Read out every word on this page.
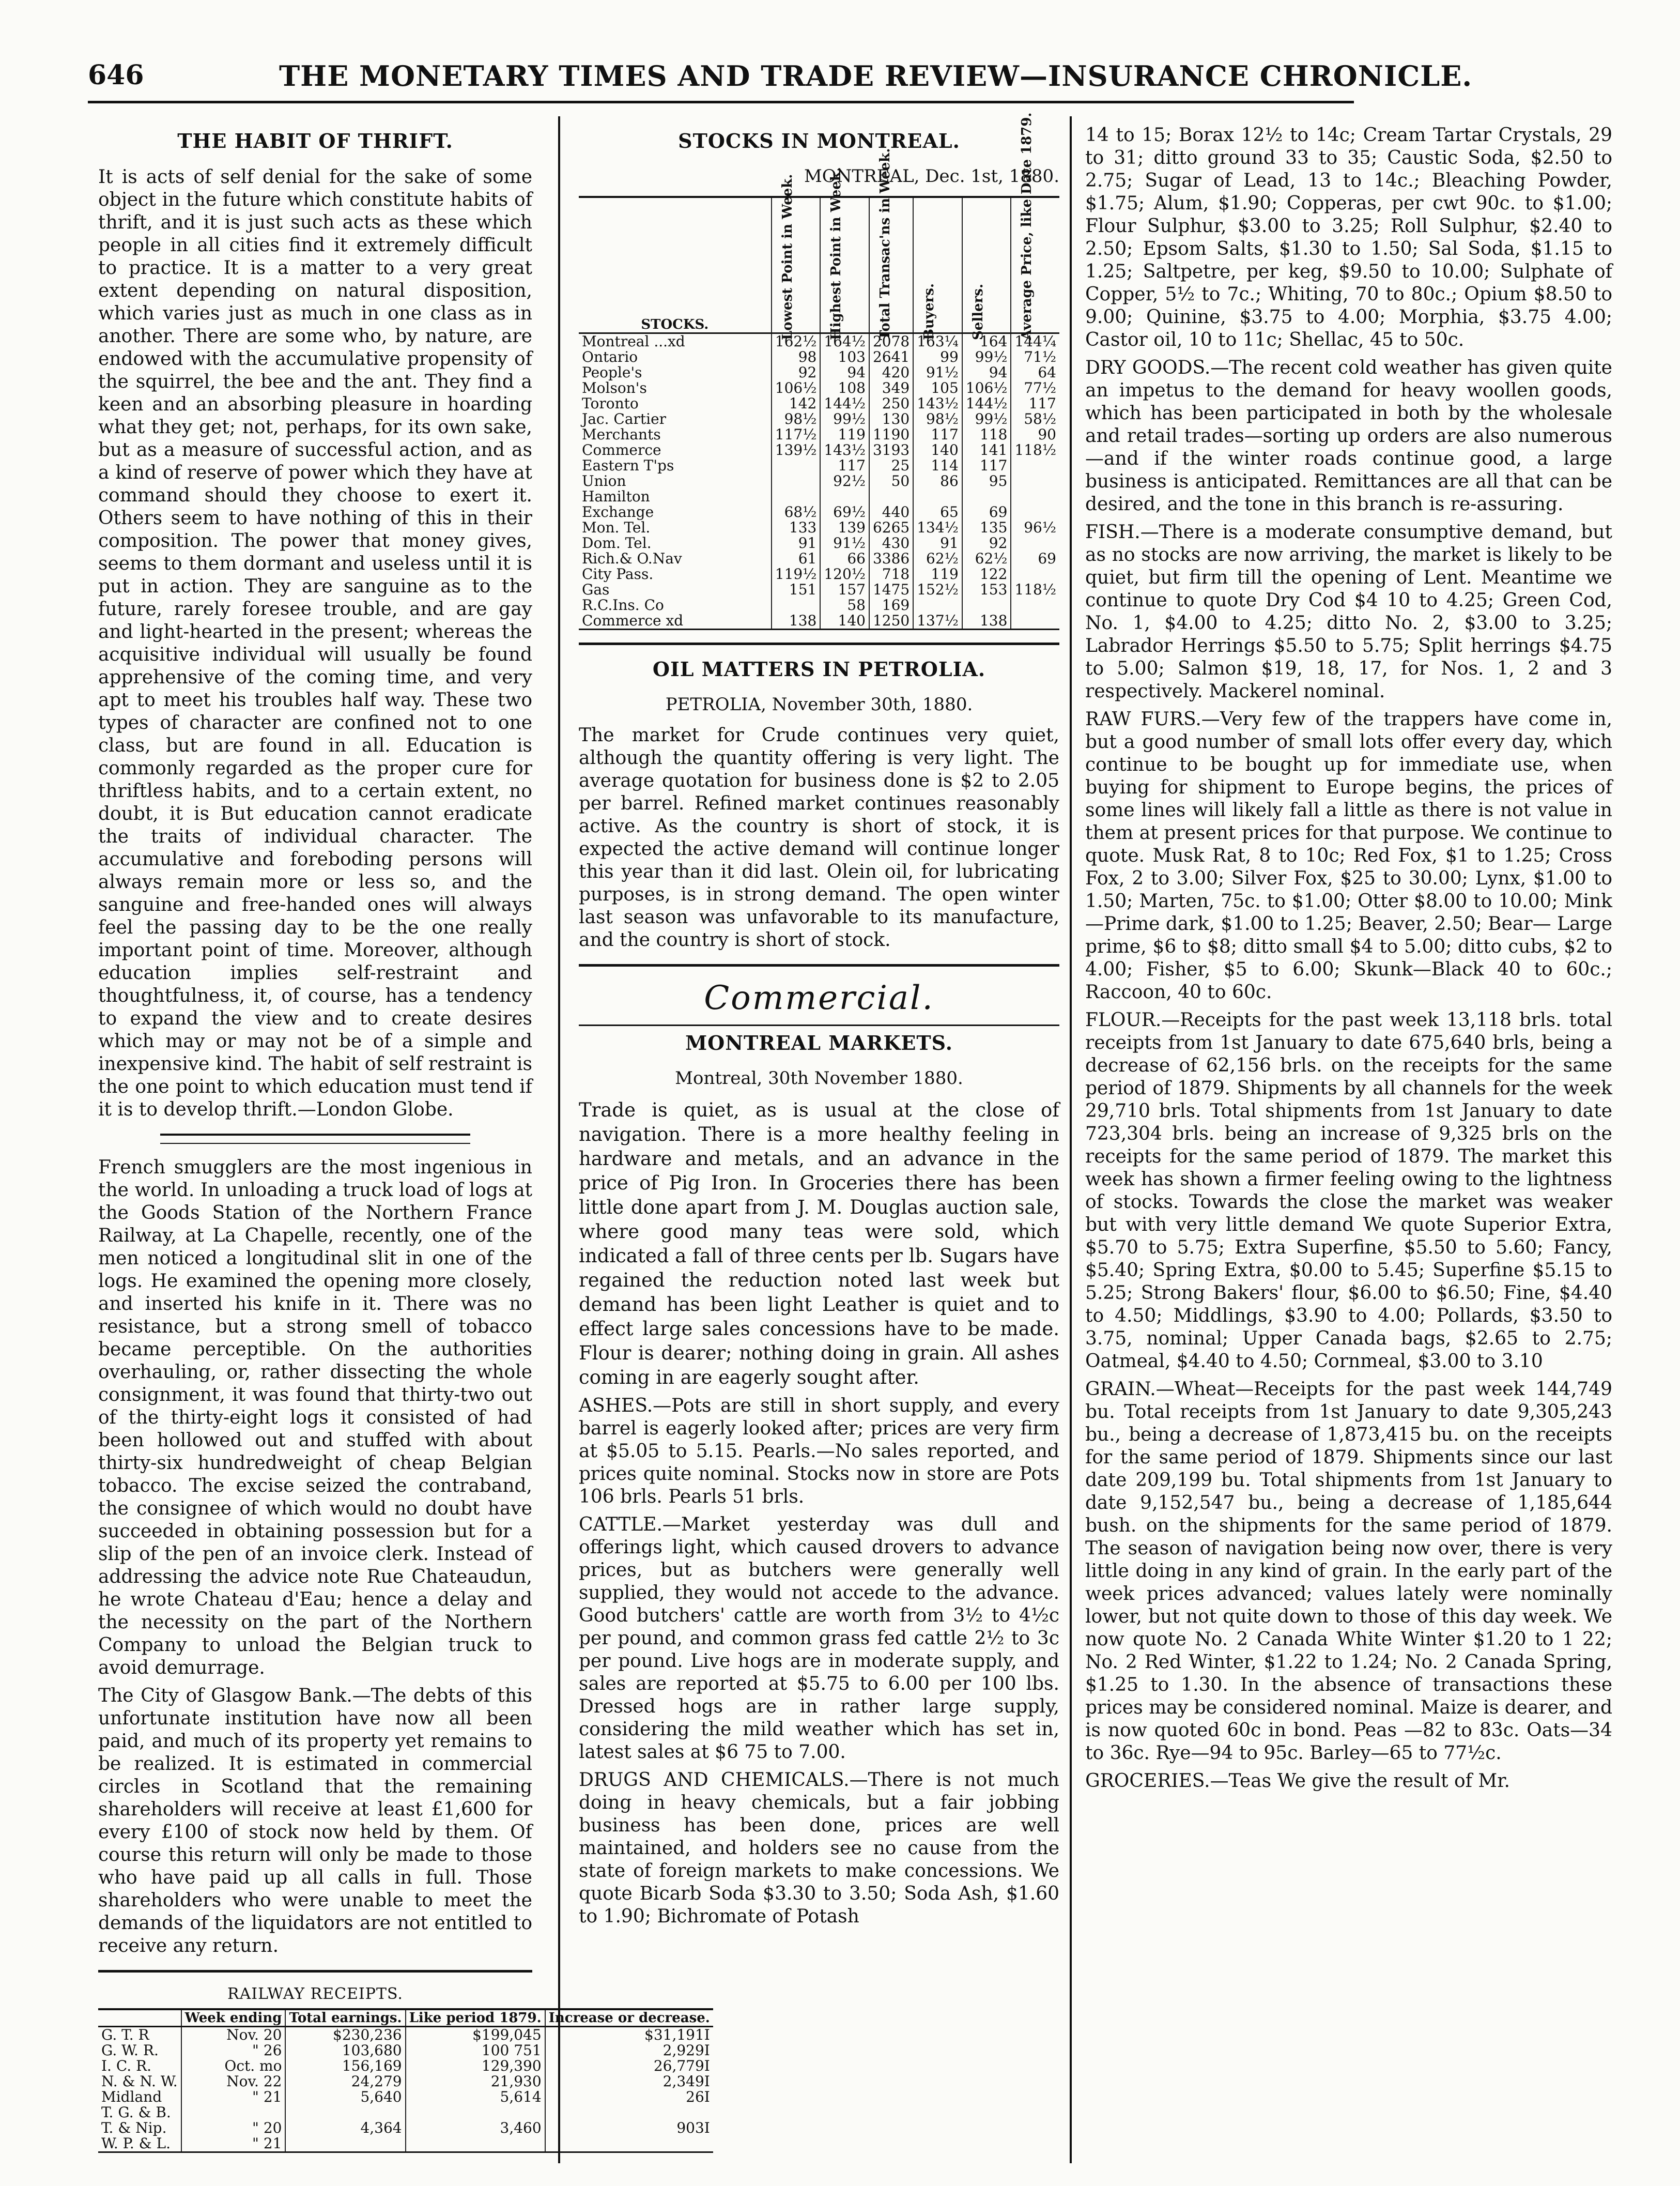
646	THE MONETARY TIMES AND TRADE REVIEW—INSURANCE CHRONICLE.
THE HABIT OF THRIFT.

It is acts of self denial for the sake of some object in the future which constitute habits of thrift, and it is just such acts as these which people in all cities find it extremely difficult to practice. It is a matter to a very great extent depending on natural disposition, which varies just as much in one class as in another. There are some who, by nature, are endowed with the accumulative propensity of the squirrel, the bee and the ant. They find a keen and an absorbing pleasure in hoarding what they get; not, perhaps, for its own sake, but as a measure of successful action, and as a kind of reserve of power which they have at command should they choose to exert it. Others seem to have nothing of this in their composition. The power that money gives, seems to them dormant and useless until it is put in action. They are sanguine as to the future, rarely foresee trouble, and are gay and light-hearted in the present; whereas the acquisitive individual will usually be found apprehensive of the coming time, and very apt to meet his troubles half way. These two types of character are confined not to one class, but are found in all. Education is commonly regarded as the proper cure for thriftless habits, and to a certain extent, no doubt, it is But education cannot eradicate the traits of individual character. The accumulative and foreboding persons will always remain more or less so, and the sanguine and free-handed ones will always feel the passing day to be the one really important point of time. Moreover, although education implies self-restraint and thoughtfulness, it, of course, has a tendency to expand the view and to create desires which may or may not be of a simple and inexpensive kind. The habit of self restraint is the one point to which education must tend if it is to develop thrift.—London Globe.

French smugglers are the most ingenious in the world. In unloading a truck load of logs at the Goods Station of the Northern France Railway, at La Chapelle, recently, one of the men noticed a longitudinal slit in one of the logs. He examined the opening more closely, and inserted his knife in it. There was no resistance, but a strong smell of tobacco became perceptible. On the authorities overhauling, or, rather dissecting the whole consignment, it was found that thirty-two out of the thirty-eight logs it consisted of had been hollowed out and stuffed with about thirty-six hundredweight of cheap Belgian tobacco. The excise seized the contraband, the consignee of which would no doubt have succeeded in obtaining possession but for a slip of the pen of an invoice clerk. Instead of addressing the advice note Rue Chateaudun, he wrote Chateau d'Eau; hence a delay and the necessity on the part of the Northern Company to unload the Belgian truck to avoid demurrage.

The City of Glasgow Bank.—The debts of this unfortunate institution have now all been paid, and much of its property yet remains to be realized. It is estimated in commercial circles in Scotland that the remaining shareholders will receive at least £1,600 for every £100 of stock now held by them. Of course this return will only be made to those who have paid up all calls in full. Those shareholders who were unable to meet the demands of the liquidators are not entitled to receive any return.

RAILWAY RECEIPTS.
	Week ending	Total earnings.	Like period 1879.	Increase or decrease.
G. T. R	Nov. 20	$230,236	$199,045	$31,191I
G. W. R.	" 26	103,680	100 751	2,929I
I. C. R.	Oct. mo	156,169	129,390	26,779I
N. & N. W.	Nov. 22	24,279	21,930	2,349I
Midland	" 21	5,640	5,614	26I
T. G. & B.				
T. & Nip.	" 20	4,364	3,460	903I
W. P. & L.	" 21			
STOCKS IN MONTREAL.
MONTREAL, Dec. 1st, 1880.
STOCKS.	Lowest Point in Week.	Highest Point in Week.	Total Transac'ns in Week.	Buyers.	Sellers.	Average Price, like Date 1879.

Montreal ...xd	162½	164½	2078	163¼	164	144¼
Ontario	98	103	2641	99	99½	71½
People's	92	94	420	91½	94	64
Molson's	106½	108	349	105	106½	77½
Toronto	142	144½	250	143½	144½	117
Jac. Cartier	98½	99½	130	98½	99½	58½
Merchants	117½	119	1190	117	118	90
Commerce	139½	143½	3193	140	141	118½
Eastern T'ps		117	25	114	117	
Union		92½	50	86	95	
Hamilton						
Exchange	68½	69½	440	65	69	
Mon. Tel.	133	139	6265	134½	135	96½
Dom. Tel.	91	91½	430	91	92	
Rich.& O.Nav	61	66	3386	62½	62½	69
City Pass.	119½	120½	718	119	122	
Gas	151	157	1475	152½	153	118½
R.C.Ins. Co		58	169			
Commerce xd	138	140	1250	137½	138	
OIL MATTERS IN PETROLIA.
PETROLIA, November 30th, 1880.

The market for Crude continues very quiet, although the quantity offering is very light. The average quotation for business done is $2 to 2.05 per barrel. Refined market continues reasonably active. As the country is short of stock, it is expected the active demand will continue longer this year than it did last. Olein oil, for lubricating purposes, is in strong demand. The open winter last season was unfavorable to its manufacture, and the country is short of stock.

Commercial.
MONTREAL MARKETS.
Montreal, 30th November 1880.

Trade is quiet, as is usual at the close of navigation. There is a more healthy feeling in hardware and metals, and an advance in the price of Pig Iron. In Groceries there has been little done apart from J. M. Douglas auction sale, where good many teas were sold, which indicated a fall of three cents per lb. Sugars have regained the reduction noted last week but demand has been light Leather is quiet and to effect large sales concessions have to be made. Flour is dearer; nothing doing in grain. All ashes coming in are eagerly sought after.

ASHES.—Pots are still in short supply, and every barrel is eagerly looked after; prices are very firm at $5.05 to 5.15. Pearls.—No sales reported, and prices quite nominal. Stocks now in store are Pots 106 brls. Pearls 51 brls.

CATTLE.—Market yesterday was dull and offerings light, which caused drovers to advance prices, but as butchers were generally well supplied, they would not accede to the advance. Good butchers' cattle are worth from 3½ to 4½c per pound, and common grass fed cattle 2½ to 3c per pound. Live hogs are in moderate supply, and sales are reported at $5.75 to 6.00 per 100 lbs. Dressed hogs are in rather large supply, considering the mild weather which has set in, latest sales at $6 75 to 7.00.

DRUGS AND CHEMICALS.—There is not much doing in heavy chemicals, but a fair jobbing business has been done, prices are well maintained, and holders see no cause from the state of foreign markets to make concessions. We quote Bicarb Soda $3.30 to 3.50; Soda Ash, $1.60 to 1.90; Bichromate of Potash

14 to 15; Borax 12½ to 14c; Cream Tartar Crystals, 29 to 31; ditto ground 33 to 35; Caustic Soda, $2.50 to 2.75; Sugar of Lead, 13 to 14c.; Bleaching Powder, $1.75; Alum, $1.90; Copperas, per cwt 90c. to $1.00; Flour Sulphur, $3.00 to 3.25; Roll Sulphur, $2.40 to 2.50; Epsom Salts, $1.30 to 1.50; Sal Soda, $1.15 to 1.25; Saltpetre, per keg, $9.50 to 10.00; Sulphate of Copper, 5½ to 7c.; Whiting, 70 to 80c.; Opium $8.50 to 9.00; Quinine, $3.75 to 4.00; Morphia, $3.75 4.00; Castor oil, 10 to 11c; Shellac, 45 to 50c.

DRY GOODS.—The recent cold weather has given quite an impetus to the demand for heavy woollen goods, which has been participated in both by the wholesale and retail trades—sorting up orders are also numerous—and if the winter roads continue good, a large business is anticipated. Remittances are all that can be desired, and the tone in this branch is re-assuring.

FISH.—There is a moderate consumptive demand, but as no stocks are now arriving, the market is likely to be quiet, but firm till the opening of Lent. Meantime we continue to quote Dry Cod $4 10 to 4.25; Green Cod, No. 1, $4.00 to 4.25; ditto No. 2, $3.00 to 3.25; Labrador Herrings $5.50 to 5.75; Split herrings $4.75 to 5.00; Salmon $19, 18, 17, for Nos. 1, 2 and 3 respectively. Mackerel nominal.

RAW FURS.—Very few of the trappers have come in, but a good number of small lots offer every day, which continue to be bought up for immediate use, when buying for shipment to Europe begins, the prices of some lines will likely fall a little as there is not value in them at present prices for that purpose. We continue to quote. Musk Rat, 8 to 10c; Red Fox, $1 to 1.25; Cross Fox, 2 to 3.00; Silver Fox, $25 to 30.00; Lynx, $1.00 to 1.50; Marten, 75c. to $1.00; Otter $8.00 to 10.00; Mink—Prime dark, $1.00 to 1.25; Beaver, 2.50; Bear— Large prime, $6 to $8; ditto small $4 to 5.00; ditto cubs, $2 to 4.00; Fisher, $5 to 6.00; Skunk—Black 40 to 60c.; Raccoon, 40 to 60c.

FLOUR.—Receipts for the past week 13,118 brls. total receipts from 1st January to date 675,640 brls, being a decrease of 62,156 brls. on the receipts for the same period of 1879. Shipments by all channels for the week 29,710 brls. Total shipments from 1st January to date 723,304 brls. being an increase of 9,325 brls on the receipts for the same period of 1879. The market this week has shown a firmer feeling owing to the lightness of stocks. Towards the close the market was weaker but with very little demand We quote Superior Extra, $5.70 to 5.75; Extra Superfine, $5.50 to 5.60; Fancy, $5.40; Spring Extra, $0.00 to 5.45; Superfine $5.15 to 5.25; Strong Bakers' flour, $6.00 to $6.50; Fine, $4.40 to 4.50; Middlings, $3.90 to 4.00; Pollards, $3.50 to 3.75, nominal; Upper Canada bags, $2.65 to 2.75; Oatmeal, $4.40 to 4.50; Cornmeal, $3.00 to 3.10

GRAIN.—Wheat—Receipts for the past week 144,749 bu. Total receipts from 1st January to date 9,305,243 bu., being a decrease of 1,873,415 bu. on the receipts for the same period of 1879. Shipments since our last date 209,199 bu. Total shipments from 1st January to date 9,152,547 bu., being a decrease of 1,185,644 bush. on the shipments for the same period of 1879. The season of navigation being now over, there is very little doing in any kind of grain. In the early part of the week prices advanced; values lately were nominally lower, but not quite down to those of this day week. We now quote No. 2 Canada White Winter $1.20 to 1 22; No. 2 Red Winter, $1.22 to 1.24; No. 2 Canada Spring, $1.25 to 1.30. In the absence of transactions these prices may be considered nominal. Maize is dearer, and is now quoted 60c in bond. Peas —82 to 83c. Oats—34 to 36c. Rye—94 to 95c. Barley—65 to 77½c.

GROCERIES.—Teas We give the result of Mr.
